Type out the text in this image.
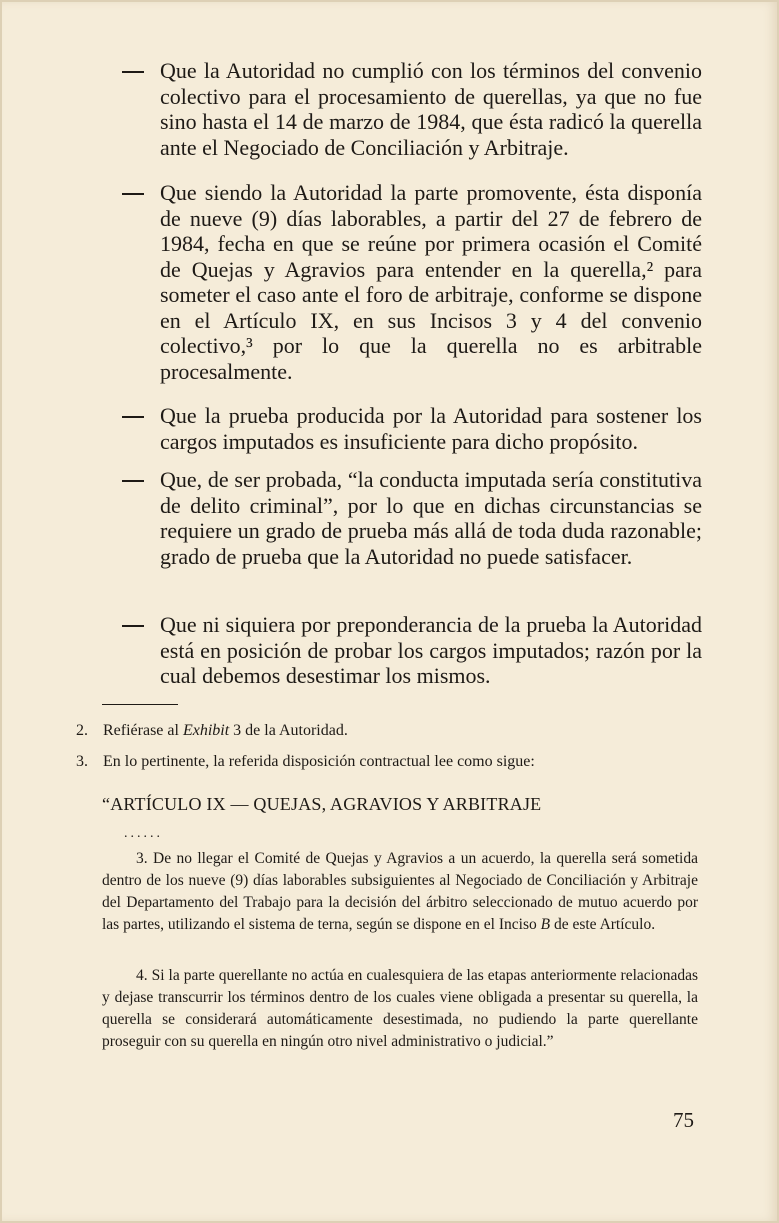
Que la Autoridad no cumplió con los términos del convenio colectivo para el procesamiento de querellas, ya que no fue sino hasta el 14 de marzo de 1984, que ésta radicó la querella ante el Negociado de Conciliación y Arbitraje.
Que siendo la Autoridad la parte promovente, ésta disponía de nueve (9) días laborables, a partir del 27 de febrero de 1984, fecha en que se reúne por primera ocasión el Comité de Quejas y Agravios para entender en la querella,² para someter el caso ante el foro de arbitraje, conforme se dispone en el Artículo IX, en sus Incisos 3 y 4 del convenio colectivo,³ por lo que la querella no es arbitrable procesalmente.
Que la prueba producida por la Autoridad para sostener los cargos imputados es insuficiente para dicho propósito.
Que, de ser probada, “la conducta imputada sería constitutiva de delito criminal”, por lo que en dichas circunstancias se requiere un grado de prueba más allá de toda duda razonable; grado de prueba que la Autoridad no puede satisfacer.
Que ni siquiera por preponderancia de la prueba la Autoridad está en posición de probar los cargos imputados; razón por la cual debemos desestimar los mismos.
2. Refiérase al Exhibit 3 de la Autoridad.
3. En lo pertinente, la referida disposición contractual lee como sigue:
“ARTÍCULO IX — QUEJAS, AGRAVIOS Y ARBITRAJE
......
3. De no llegar el Comité de Quejas y Agravios a un acuerdo, la querella será sometida dentro de los nueve (9) días laborables subsiguientes al Negociado de Conciliación y Arbitraje del Departamento del Trabajo para la decisión del árbitro seleccionado de mutuo acuerdo por las partes, utilizando el sistema de terna, según se dispone en el Inciso B de este Artículo.
4. Si la parte querellante no actúa en cualesquiera de las etapas anteriormente relacionadas y dejase transcurrir los términos dentro de los cuales viene obligada a presentar su querella, la querella se considerará automáticamente desestimada, no pudiendo la parte querellante proseguir con su querella en ningún otro nivel administrativo o judicial.”
75
